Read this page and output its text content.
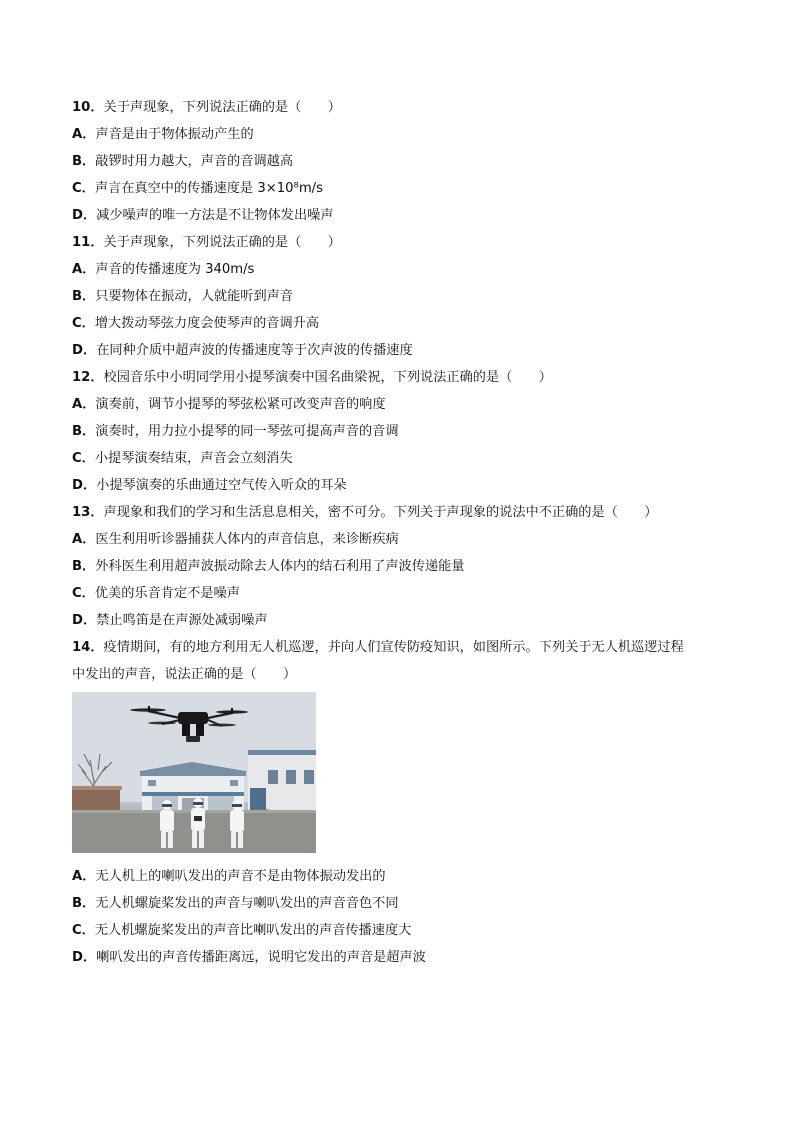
10．关于声现象，下列说法正确的是（　　）
A．声音是由于物体振动产生的
B．敲锣时用力越大，声音的音调越高
C．声言在真空中的传播速度是 3×10⁸m/s
D．减少噪声的唯一方法是不让物体发出噪声
11．关于声现象，下列说法正确的是（　　）
A．声音的传播速度为 340m/s
B．只要物体在振动，人就能听到声音
C．增大拨动琴弦力度会使琴声的音调升高
D．在同种介质中超声波的传播速度等于次声波的传播速度
12．校园音乐中小明同学用小提琴演奏中国名曲梁祝，下列说法正确的是（　　）
A．演奏前，调节小提琴的琴弦松紧可改变声音的响度
B．演奏时，用力拉小提琴的同一琴弦可提高声音的音调
C．小提琴演奏结束，声音会立刻消失
D．小提琴演奏的乐曲通过空气传入听众的耳朵
13．声现象和我们的学习和生活息息相关，密不可分。下列关于声现象的说法中不正确的是（　　）
A．医生利用听诊器捕获人体内的声音信息，来诊断疾病
B．外科医生利用超声波振动除去人体内的结石利用了声波传递能量
C．优美的乐音肯定不是噪声
D．禁止鸣笛是在声源处减弱噪声
14．疫情期间，有的地方利用无人机巡逻，并向人们宣传防疫知识，如图所示。下列关于无人机巡逻过程
中发出的声音，说法正确的是（　　）
A．无人机上的喇叭发出的声音不是由物体振动发出的
B．无人机螺旋桨发出的声音与喇叭发出的声音音色不同
C．无人机螺旋桨发出的声音比喇叭发出的声音传播速度大
D．喇叭发出的声音传播距离远，说明它发出的声音是超声波
